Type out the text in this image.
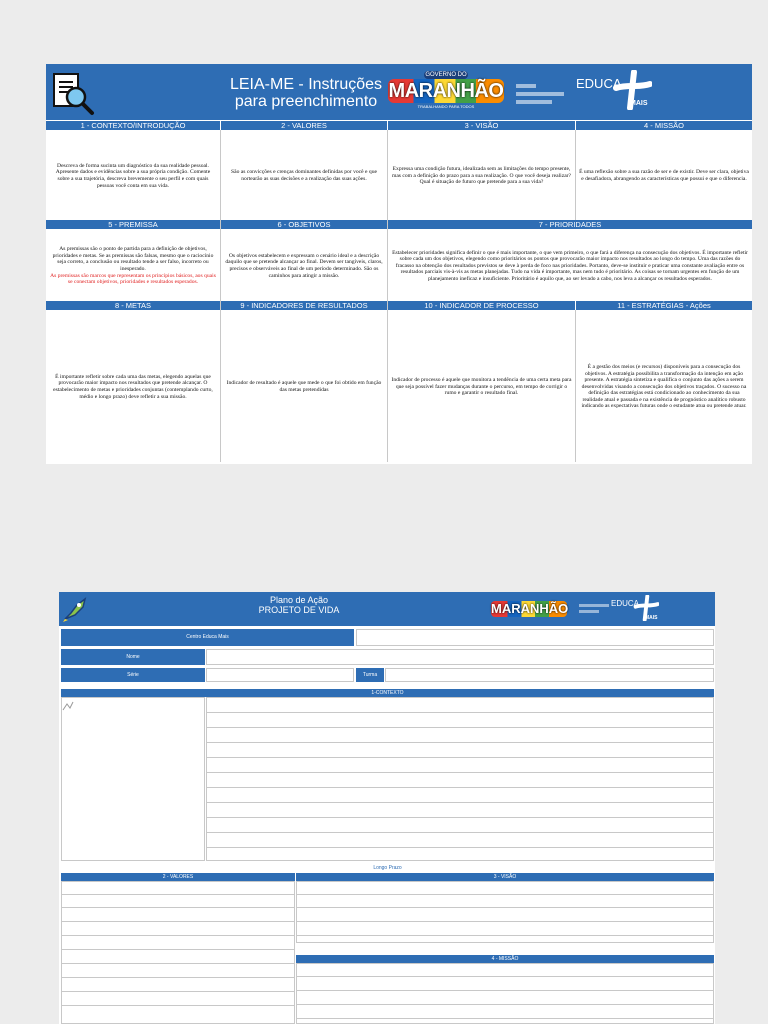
LEIA-ME - Instruções
para preenchimento
GOVERNO DO
MARANHÃO
TRABALHANDO PARA TODOS
EDUCA
MAIS
1 - CONTEXTO/INTRODUÇÃO	2 - VALORES	3 - VISÃO	4 - MISSÃO
Descreva de forma sucinta um diagnóstico da sua realidade pessoal. Apresente dados e evidências sobre a sua própria condição. Comente sobre a sua trajetória, descreva brevemente o seu perfil e com quais pessoas você conta em sua vida.
São as convicções e crenças dominantes definidas por você e que nortearão as suas decisões e a realização das suas ações.
Expressa uma condição futura, idealizada sem as limitações do tempo presente, mas com a definição do prazo para a sua realização. O que você deseja realizar? Qual é situação de futuro que pretende para a sua vida?
É uma reflexão sobre a sua razão de ser e de existir. Deve ser clara, objetiva e desafiadora, abrangendo as características que possui e que o diferencia.
5 - PREMISSA	6 - OBJETIVOS	7 - PRIORIDADES
As premissas são o ponto de partida para a definição de objetivos, prioridades e metas. Se as premissas são falsas, mesmo que o raciocínio seja correto, a conclusão ou resultado tende a ser falso, incorreto ou inesperado.
As premissas são marcos que representam os princípios básicos, aos quais se conectam objetivos, prioridades e resultados esperados.
Os objetivos estabelecem e expressam o cenário ideal e a descrição daquilo que se pretende alcançar ao final. Devem ser tangíveis, claros, precisos e observáveis ao final de um período determinado. São os caminhos para atingir a missão.
Estabelecer prioridades significa definir o que é mais importante, o que vem primeiro, o que fará a diferença na consecução dos objetivos. É importante refletir sobre cada um dos objetivos, elegendo como prioritários os pontos que provocarão maior impacto nos resultados ao longo do tempo. Uma das razões do fracasso na obtenção dos resultados previstos se deve à perda de foco nas prioridades. Portanto, deve-se instituir e praticar uma constante avaliação entre os resultados parciais vis-à-vis as metas planejadas. Tudo na vida é importante, mas nem tudo é prioritário. As coisas se tornam urgentes em função de um planejamento ineficaz e insuficiente. Prioritário é aquilo que, ao ser levado a cabo, nos leva a alcançar os resultados esperados.
8 - METAS	9 - INDICADORES DE RESULTADOS	10 - INDICADOR DE PROCESSO	11 - ESTRATÉGIAS - Ações
É importante refletir sobre cada uma das metas, elegendo aquelas que provocarão maior impacto nos resultados que pretende alcançar. O estabelecimento de metas e prioridades conjuntas (contemplando curto, médio e longo prazo) deve refletir a sua missão.
Indicador de resultado é aquele que mede o que foi obtido em função das metas pretendidas
Indicador de processo é aquele que monitora a tendência de uma certa meta para que seja possível fazer mudanças durante o percurso, em tempo de corrigir o rumo e garantir o resultado final.
É a gestão dos meios (e recursos) disponíveis para a consecução dos objetivos. A estratégia possibilita a transformação da intenção em ação presente. A estratégia sintetiza e qualifica o conjunto das ações a serem desenvolvidas visando a consecução dos objetivos traçados. O sucesso na definição das estratégias está condicionado ao conhecimento da sua realidade atual e passada e na existência de prognóstico analítico robusto indicando as expectativas futuras onde o estudante atua ou pretende atuar.
Plano de Ação
PROJETO DE VIDA	MARANHÃO	EDUCA
MAIS
Centro Educa Mais
Nome
Série	Turma
1-CONTEXTO
Longo Prazo
2 - VALORES	3 - VISÃO
4 - MISSÃO
